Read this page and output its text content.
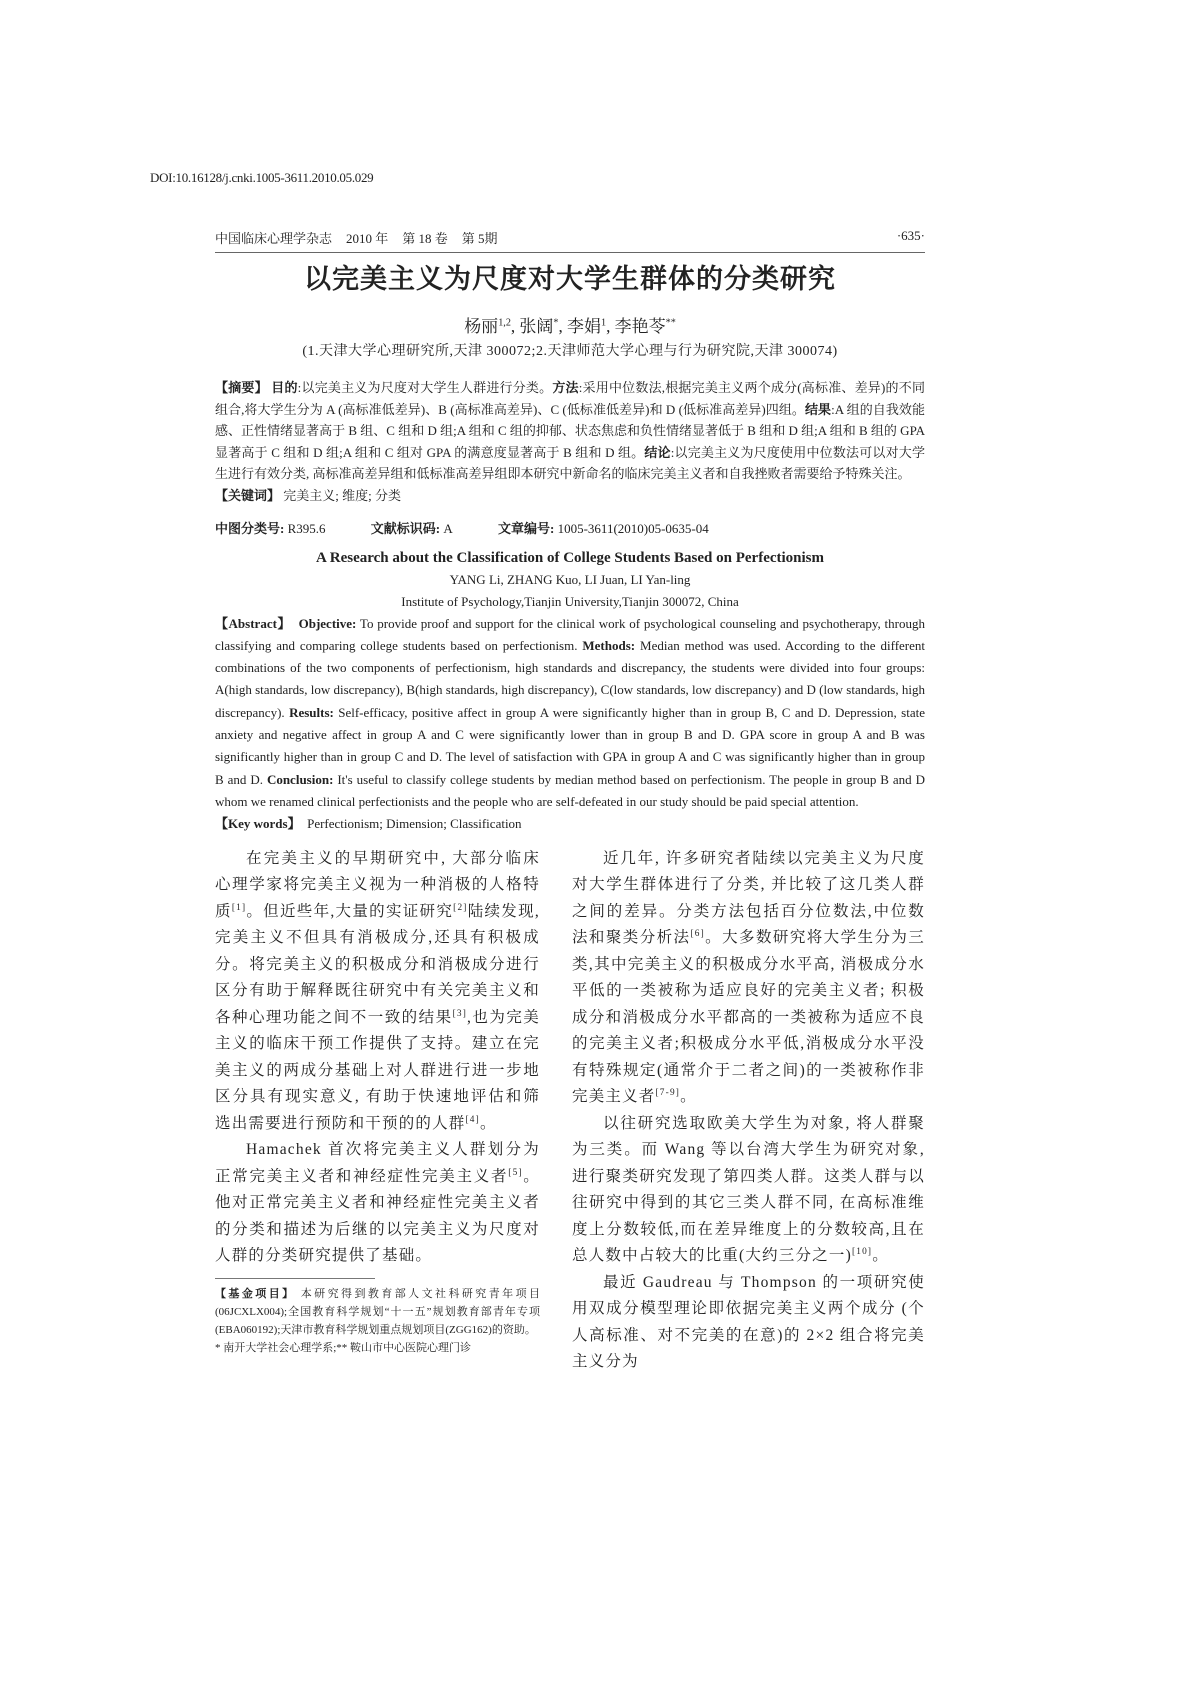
DOI:10.16128/j.cnki.1005-3611.2010.05.029
中国临床心理学杂志 2010 年 第 18 卷 第 5期	·635·
以完美主义为尺度对大学生群体的分类研究
杨丽$^{1,2}$, 张阔*, 李娟$^1$, 李艳苓**
(1.天津大学心理研究所,天津 300072;2.天津师范大学心理与行为研究院,天津 300074)
【摘要】 目的:以完美主义为尺度对大学生人群进行分类。方法:采用中位数法,根据完美主义两个成分(高标准、差异)的不同组合,将大学生分为 A (高标准低差异)、B (高标准高差异)、C (低标准低差异)和 D (低标准高差异)四组。结果:A 组的自我效能感、正性情绪显著高于 B 组、C 组和 D 组;A 组和 C 组的抑郁、状态焦虑和负性情绪显著低于 B 组和 D 组;A 组和 B 组的 GPA 显著高于 C 组和 D 组;A 组和 C 组对 GPA 的满意度显著高于 B 组和 D 组。结论:以完美主义为尺度使用中位数法可以对大学生进行有效分类, 高标准高差异组和低标准高差异组即本研究中新命名的临床完美主义者和自我挫败者需要给予特殊关注。
【关键词】 完美主义; 维度; 分类
中图分类号: R395.6	文献标识码: A	文章编号: 1005-3611(2010)05-0635-04
A Research about the Classification of College Students Based on Perfectionism
YANG Li, ZHANG Kuo, LI Juan, LI Yan-ling
Institute of Psychology,Tianjin University,Tianjin 300072, China
【Abstract】 Objective: To provide proof and support for the clinical work of psychological counseling and psychotherapy, through classifying and comparing college students based on perfectionism. Methods: Median method was used. According to the different combinations of the two components of perfectionism, high standards and discrepancy, the students were divided into four groups: A(high standards, low discrepancy), B(high standards, high discrepancy), C(low standards, low discrepancy) and D (low standards, high discrepancy). Results: Self-efficacy, positive affect in group A were significantly higher than in group B, C and D. Depression, state anxiety and negative affect in group A and C were significantly lower than in group B and D. GPA score in group A and B was significantly higher than in group C and D. The level of satisfaction with GPA in group A and C was significantly higher than in group B and D. Conclusion: It's useful to classify college students by median method based on perfectionism. The people in group B and D whom we renamed clinical perfectionists and the people who are self-defeated in our study should be paid special attention.
【Key words】 Perfectionism; Dimension; Classification

在完美主义的早期研究中, 大部分临床心理学家将完美主义视为一种消极的人格特质[1]。但近些年,大量的实证研究[2]陆续发现,完美主义不但具有消极成分,还具有积极成分。将完美主义的积极成分和消极成分进行区分有助于解释既往研究中有关完美主义和各种心理功能之间不一致的结果[3],也为完美主义的临床干预工作提供了支持。建立在完美主义的两成分基础上对人群进行进一步地区分具有现实意义, 有助于快速地评估和筛选出需要进行预防和干预的的人群[4]。

Hamachek 首次将完美主义人群划分为正常完美主义者和神经症性完美主义者[5]。 他对正常完美主义者和神经症性完美主义者的分类和描述为后继的以完美主义为尺度对人群的分类研究提供了基础。

【基金项目】 本研究得到教育部人文社科研究青年项目(06JCXLX004);全国教育科学规划“十一五”规划教育部青年专项(EBA060192);天津市教育科学规划重点规划项目(ZGG162)的资助。
* 南开大学社会心理学系;** 鞍山市中心医院心理门诊

近几年, 许多研究者陆续以完美主义为尺度对大学生群体进行了分类, 并比较了这几类人群之间的差异。分类方法包括百分位数法,中位数法和聚类分析法[6]。大多数研究将大学生分为三类,其中完美主义的积极成分水平高, 消极成分水平低的一类被称为适应良好的完美主义者; 积极成分和消极成分水平都高的一类被称为适应不良的完美主义者;积极成分水平低,消极成分水平没有特殊规定(通常介于二者之间)的一类被称作非完美主义者[7-9]。

以往研究选取欧美大学生为对象, 将人群聚为三类。而 Wang 等以台湾大学生为研究对象,进行聚类研究发现了第四类人群。这类人群与以往研究中得到的其它三类人群不同, 在高标准维度上分数较低,而在差异维度上的分数较高,且在总人数中占较大的比重(大约三分之一)[10]。

最近 Gaudreau 与 Thompson 的一项研究使用双成分模型理论即依据完美主义两个成分 (个人高标准、对不完美的在意)的 2×2 组合将完美主义分为
